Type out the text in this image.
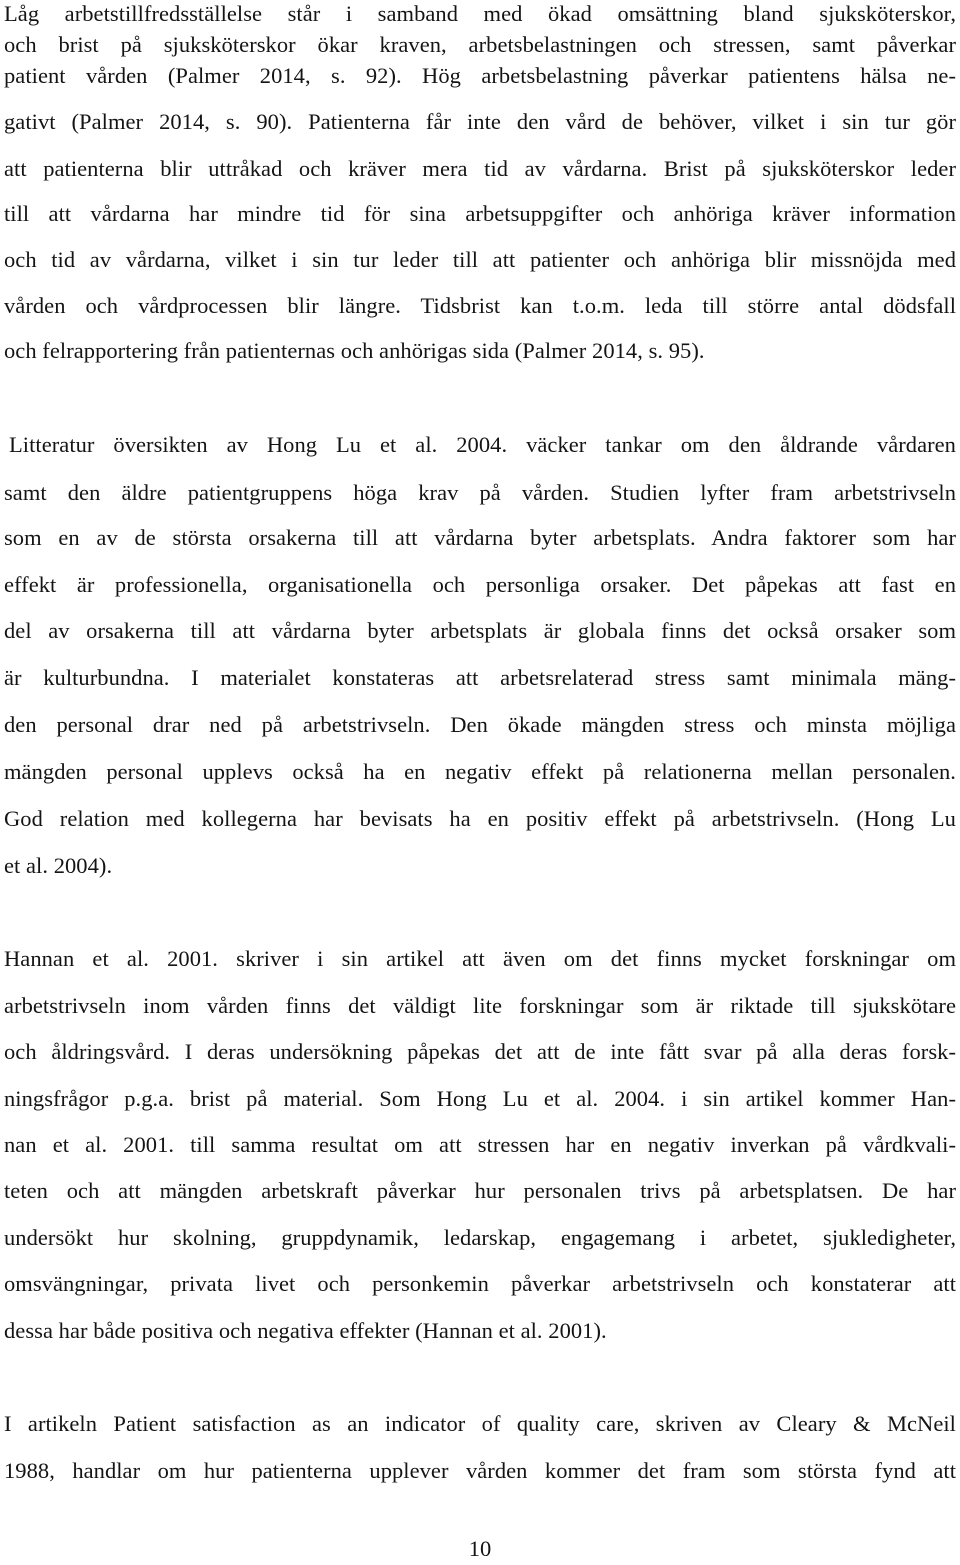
Låg arbetstillfredsställelse står i samband med ökad omsättning bland sjuksköterskor,
och brist på sjuksköterskor ökar kraven, arbetsbelastningen och stressen, samt påverkar
patient vården (Palmer 2014, s. 92). Hög arbetsbelastning påverkar patientens hälsa ne-
gativt (Palmer 2014, s. 90). Patienterna får inte den vård de behöver, vilket i sin tur gör
att patienterna blir uttråkad och kräver mera tid av vårdarna. Brist på sjuksköterskor leder
till att vårdarna har mindre tid för sina arbetsuppgifter och anhöriga kräver information
och tid av vårdarna, vilket i sin tur leder till att patienter och anhöriga blir missnöjda med
vården och vårdprocessen blir längre. Tidsbrist kan t.o.m. leda till större antal dödsfall
och felrapportering från patienternas och anhörigas sida (Palmer 2014, s. 95).
Litteratur översikten av Hong Lu et al. 2004. väcker tankar om den åldrande vårdaren
samt den äldre patientgruppens höga krav på vården. Studien lyfter fram arbetstrivseln
som en av de största orsakerna till att vårdarna byter arbetsplats. Andra faktorer som har
effekt är professionella, organisationella och personliga orsaker. Det påpekas att fast en
del av orsakerna till att vårdarna byter arbetsplats är globala finns det också orsaker som
är kulturbundna. I materialet konstateras att arbetsrelaterad stress samt minimala mäng-
den personal drar ned på arbetstrivseln. Den ökade mängden stress och minsta möjliga
mängden personal upplevs också ha en negativ effekt på relationerna mellan personalen.
God relation med kollegerna har bevisats ha en positiv effekt på arbetstrivseln. (Hong Lu
et al. 2004).
Hannan et al. 2001. skriver i sin artikel att även om det finns mycket forskningar om
arbetstrivseln inom vården finns det väldigt lite forskningar som är riktade till sjukskötare
och åldringsvård. I deras undersökning påpekas det att de inte fått svar på alla deras forsk-
ningsfrågor p.g.a. brist på material. Som Hong Lu et al. 2004. i sin artikel kommer Han-
nan et al. 2001. till samma resultat om att stressen har en negativ inverkan på vårdkvali-
teten och att mängden arbetskraft påverkar hur personalen trivs på arbetsplatsen. De har
undersökt hur skolning, gruppdynamik, ledarskap, engagemang i arbetet, sjukledigheter,
omsvängningar, privata livet och personkemin påverkar arbetstrivseln och konstaterar att
dessa har både positiva och negativa effekter (Hannan et al. 2001).
I artikeln Patient satisfaction as an indicator of quality care, skriven av Cleary & McNeil
1988, handlar om hur patienterna upplever vården kommer det fram som största fynd att
10
